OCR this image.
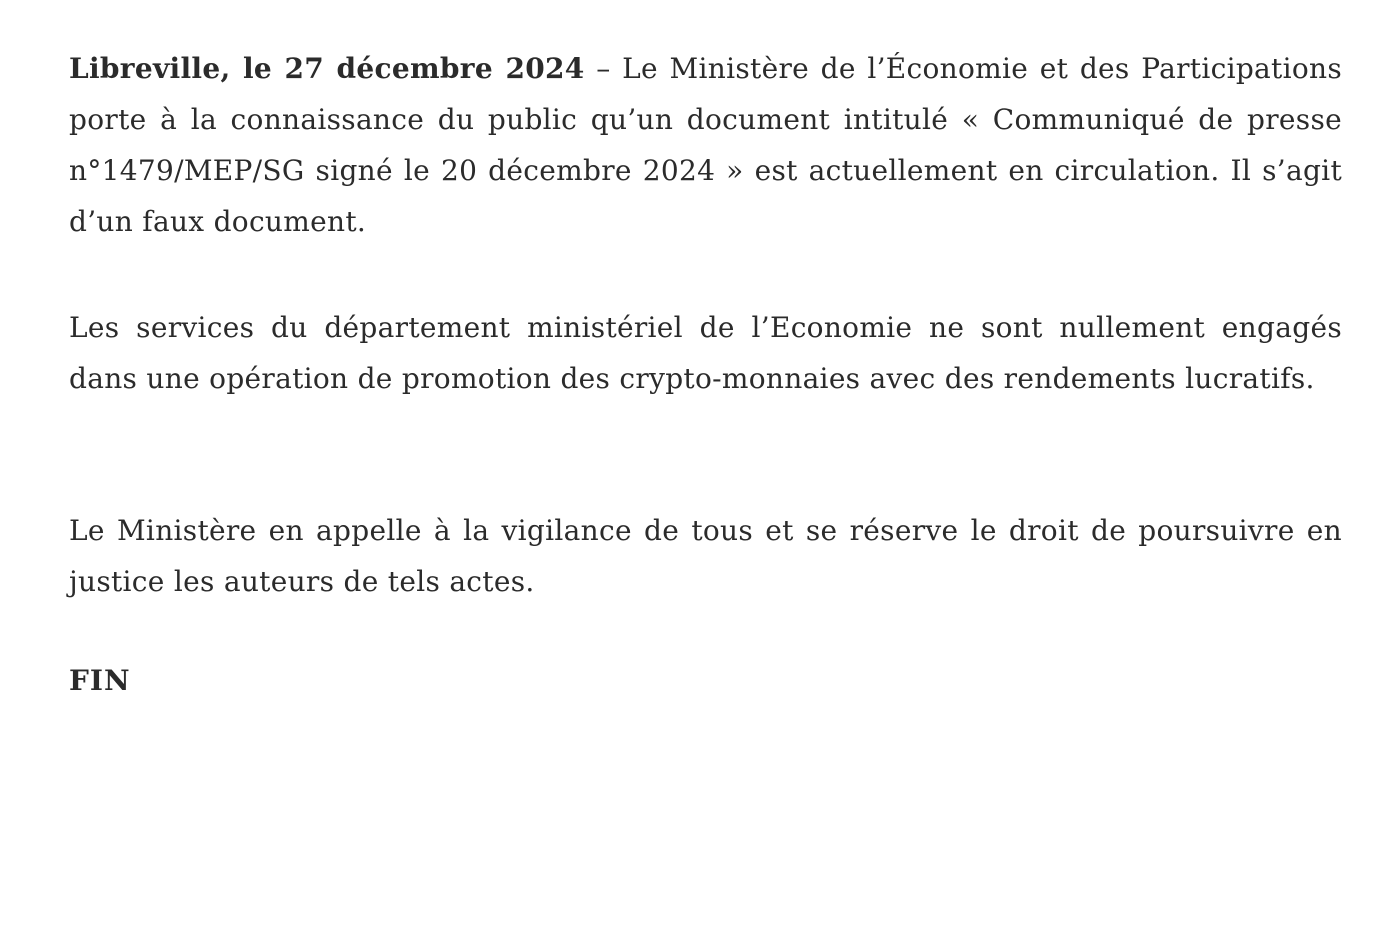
Libreville, le 27 décembre 2024 – Le Ministère de l’Économie et des Participations porte à la connaissance du public qu’un document intitulé « Communiqué de presse n°1479/MEP/SG signé le 20 décembre 2024 » est actuellement en circulation. Il s’agit d’un faux document.

Les services du département ministériel de l’Economie ne sont nullement engagés dans une opération de promotion des crypto-monnaies avec des rendements lucratifs.

Le Ministère en appelle à la vigilance de tous et se réserve le droit de poursuivre en justice les auteurs de tels actes.

FIN
